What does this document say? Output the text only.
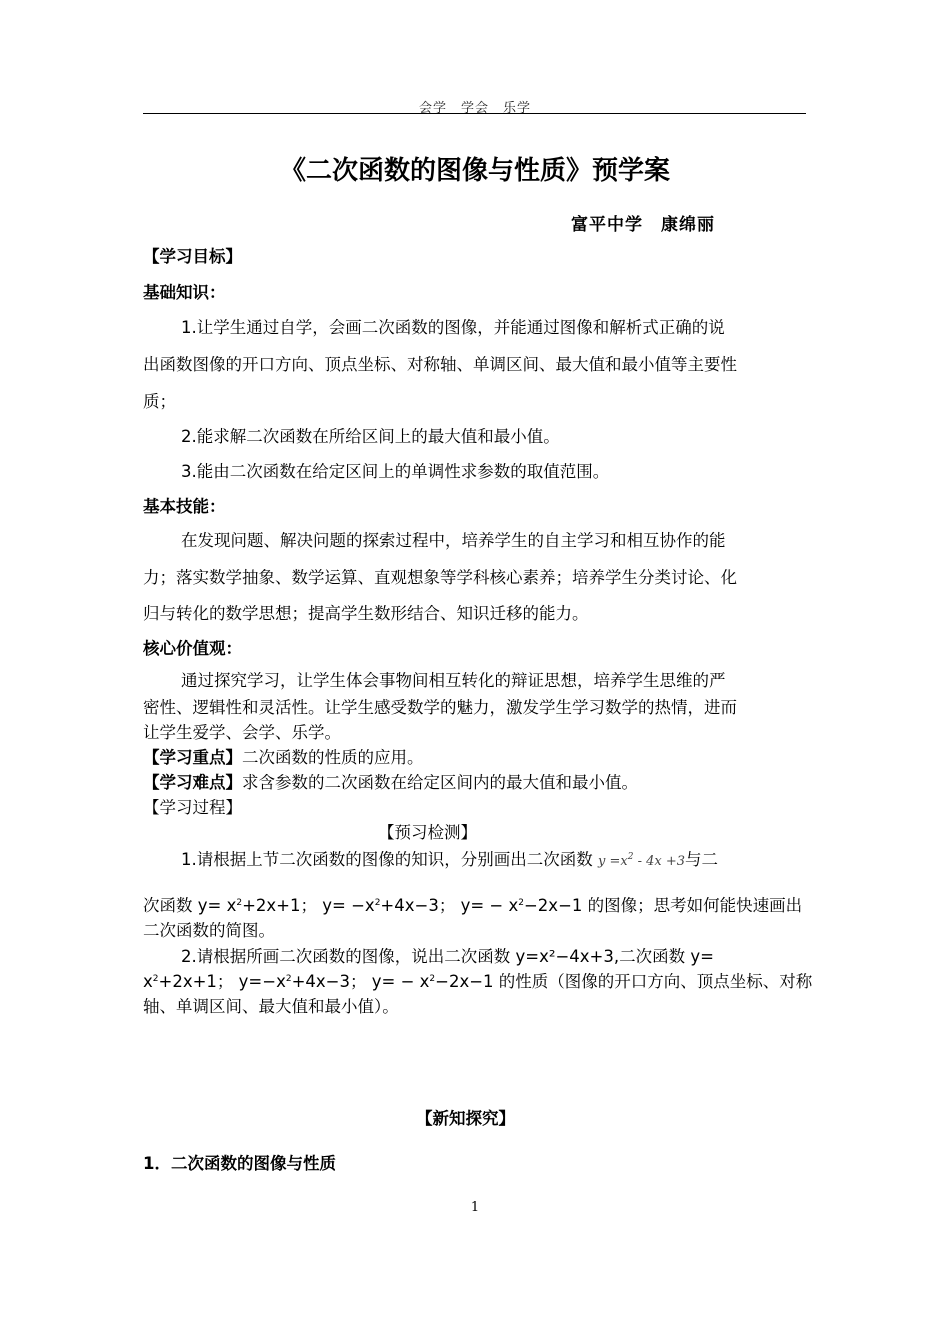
会学　学会　乐学
《二次函数的图像与性质》预学案
富平中学　康绵丽
【学习目标】
基础知识：
1.让学生通过自学，会画二次函数的图像，并能通过图像和解析式正确的说
出函数图像的开口方向、顶点坐标、对称轴、单调区间、最大值和最小值等主要性
质；
2.能求解二次函数在所给区间上的最大值和最小值。
3.能由二次函数在给定区间上的单调性求参数的取值范围。
基本技能：
在发现问题、解决问题的探索过程中，培养学生的自主学习和相互协作的能
力；落实数学抽象、数学运算、直观想象等学科核心素养；培养学生分类讨论、化
归与转化的数学思想；提高学生数形结合、知识迁移的能力。
核心价值观：
通过探究学习，让学生体会事物间相互转化的辩证思想，培养学生思维的严
密性、逻辑性和灵活性。让学生感受数学的魅力，激发学生学习数学的热情，进而
让学生爱学、会学、乐学。
【学习重点】二次函数的性质的应用。
【学习难点】求含参数的二次函数在给定区间内的最大值和最小值。
【学习过程】
【预习检测】
1.请根据上节二次函数的图像的知识，分别画出二次函数 $y =x^2 - 4x +3$与二
次函数 $y= x^2+2x+1$； $y= -x^2+4x-3$； $y= - x^2-2x-1$ 的图像；思考如何能快速画出
二次函数的简图。
2.请根据所画二次函数的图像，说出二次函数 y=x²−4x+3,二次函数 y=
$x^2+2x+1$； $y=-x^2+4x-3$； $y= - x^2-2x-1$ 的性质（图像的开口方向、顶点坐标、对称
轴、单调区间、最大值和最小值）。
【新知探究】
1．二次函数的图像与性质
1
